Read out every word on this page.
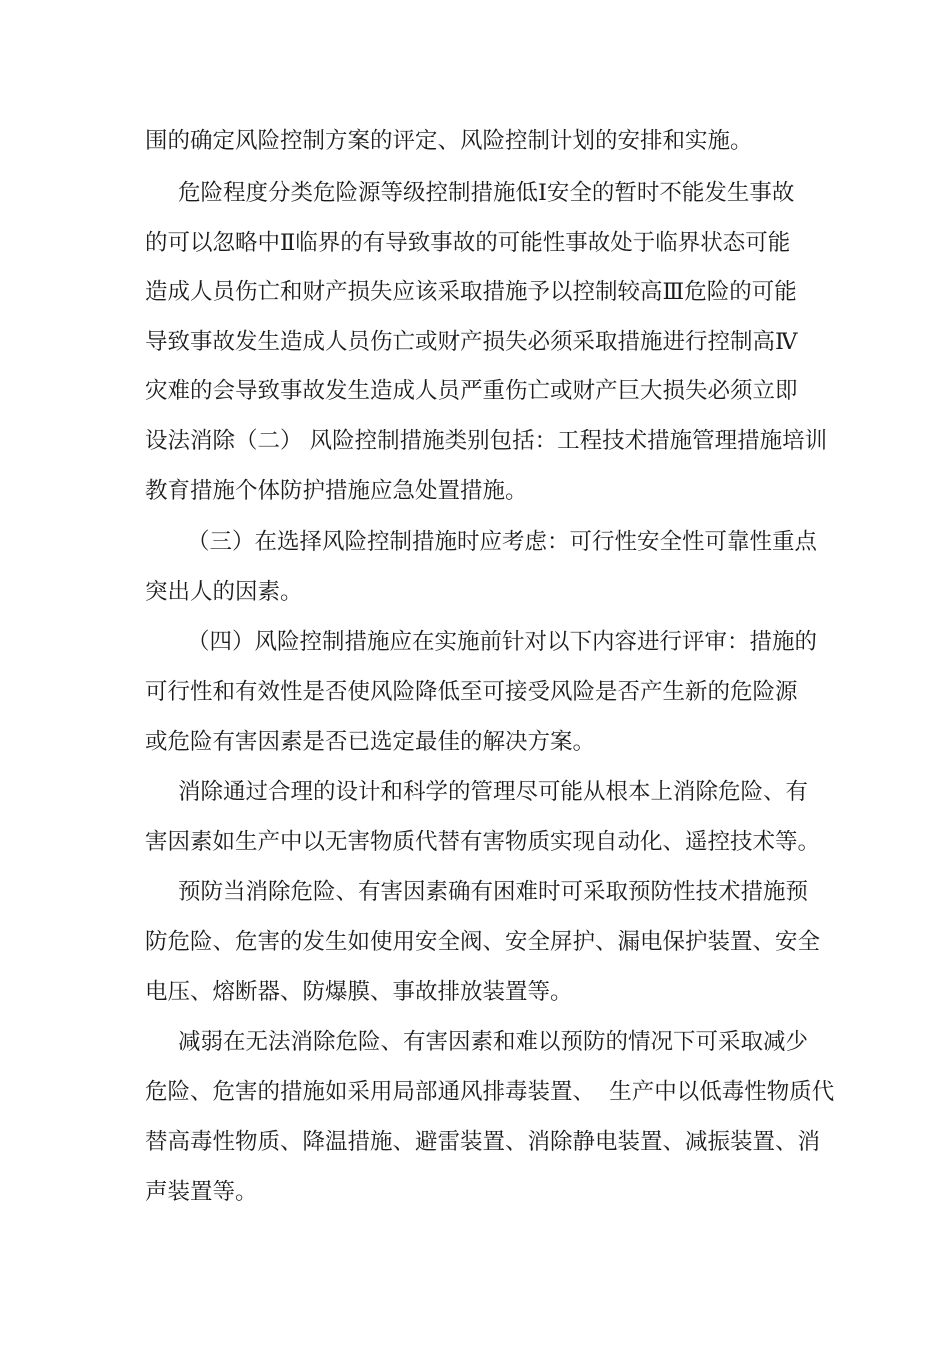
围的确定风险控制方案的评定、风险控制计划的安排和实施。
危险程度分类危险源等级控制措施低Ⅰ安全的暂时不能发生事故
的可以忽略中Ⅱ临界的有导致事故的可能性事故处于临界状态可能
造成人员伤亡和财产损失应该采取措施予以控制较高Ⅲ危险的可能
导致事故发生造成人员伤亡或财产损失必须采取措施进行控制高Ⅳ
灾难的会导致事故发生造成人员严重伤亡或财产巨大损失必须立即
设法消除（二） 风险控制措施类别包括：工程技术措施管理措施培训
教育措施个体防护措施应急处置措施。
（三）在选择风险控制措施时应考虑：可行性安全性可靠性重点
突出人的因素。
（四）风险控制措施应在实施前针对以下内容进行评审：措施的
可行性和有效性是否使风险降低至可接受风险是否产生新的危险源
或危险有害因素是否已选定最佳的解决方案。
消除通过合理的设计和科学的管理尽可能从根本上消除危险、有
害因素如生产中以无害物质代替有害物质实现自动化、遥控技术等。
预防当消除危险、有害因素确有困难时可采取预防性技术措施预
防危险、危害的发生如使用安全阀、安全屏护、漏电保护装置、安全
电压、熔断器、防爆膜、事故排放装置等。
减弱在无法消除危险、有害因素和难以预防的情况下可采取减少
危险、危害的措施如采用局部通风排毒装置、  生产中以低毒性物质代
替高毒性物质、降温措施、避雷装置、消除静电装置、减振装置、消
声装置等。
